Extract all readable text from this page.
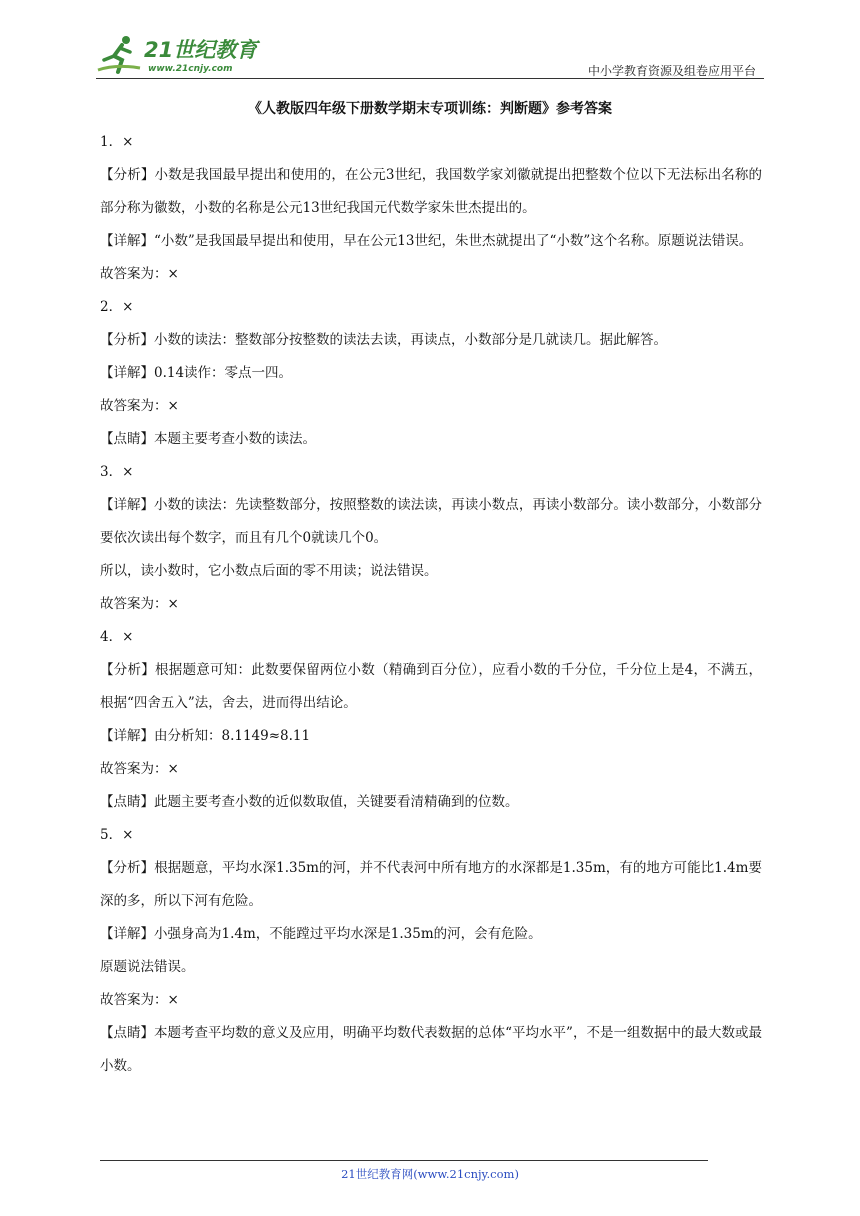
21世纪教育
www.21cnjy.com	中小学教育资源及组卷应用平台
《人教版四年级下册数学期末专项训练：判断题》参考答案

1．×

【分析】小数是我国最早提出和使用的，在公元3世纪，我国数学家刘徽就提出把整数个位以下无法标出名称的部分称为徽数，小数的名称是公元13世纪我国元代数学家朱世杰提出的。

【详解】“小数”是我国最早提出和使用，早在公元13世纪，朱世杰就提出了“小数”这个名称。原题说法错误。

故答案为：×

2．×

【分析】小数的读法：整数部分按整数的读法去读，再读点，小数部分是几就读几。据此解答。

【详解】0.14读作：零点一四。

故答案为：×

【点睛】本题主要考查小数的读法。

3．×

【详解】小数的读法：先读整数部分，按照整数的读法读，再读小数点，再读小数部分。读小数部分，小数部分要依次读出每个数字，而且有几个0就读几个0。

所以，读小数时，它小数点后面的零不用读；说法错误。

故答案为：×

4．×

【分析】根据题意可知：此数要保留两位小数（精确到百分位），应看小数的千分位，千分位上是4，不满五，根据“四舍五入”法，舍去，进而得出结论。

【详解】由分析知：8.1149≈8.11

故答案为：×

【点睛】此题主要考查小数的近似数取值，关键要看清精确到的位数。

5．×

【分析】根据题意，平均水深1.35m的河，并不代表河中所有地方的水深都是1.35m，有的地方可能比1.4m要深的多，所以下河有危险。

【详解】小强身高为1.4m，不能蹚过平均水深是1.35m的河，会有危险。

原题说法错误。

故答案为：×

【点睛】本题考查平均数的意义及应用，明确平均数代表数据的总体“平均水平”，不是一组数据中的最大数或最小数。

21世纪教育网(www.21cnjy.com)
